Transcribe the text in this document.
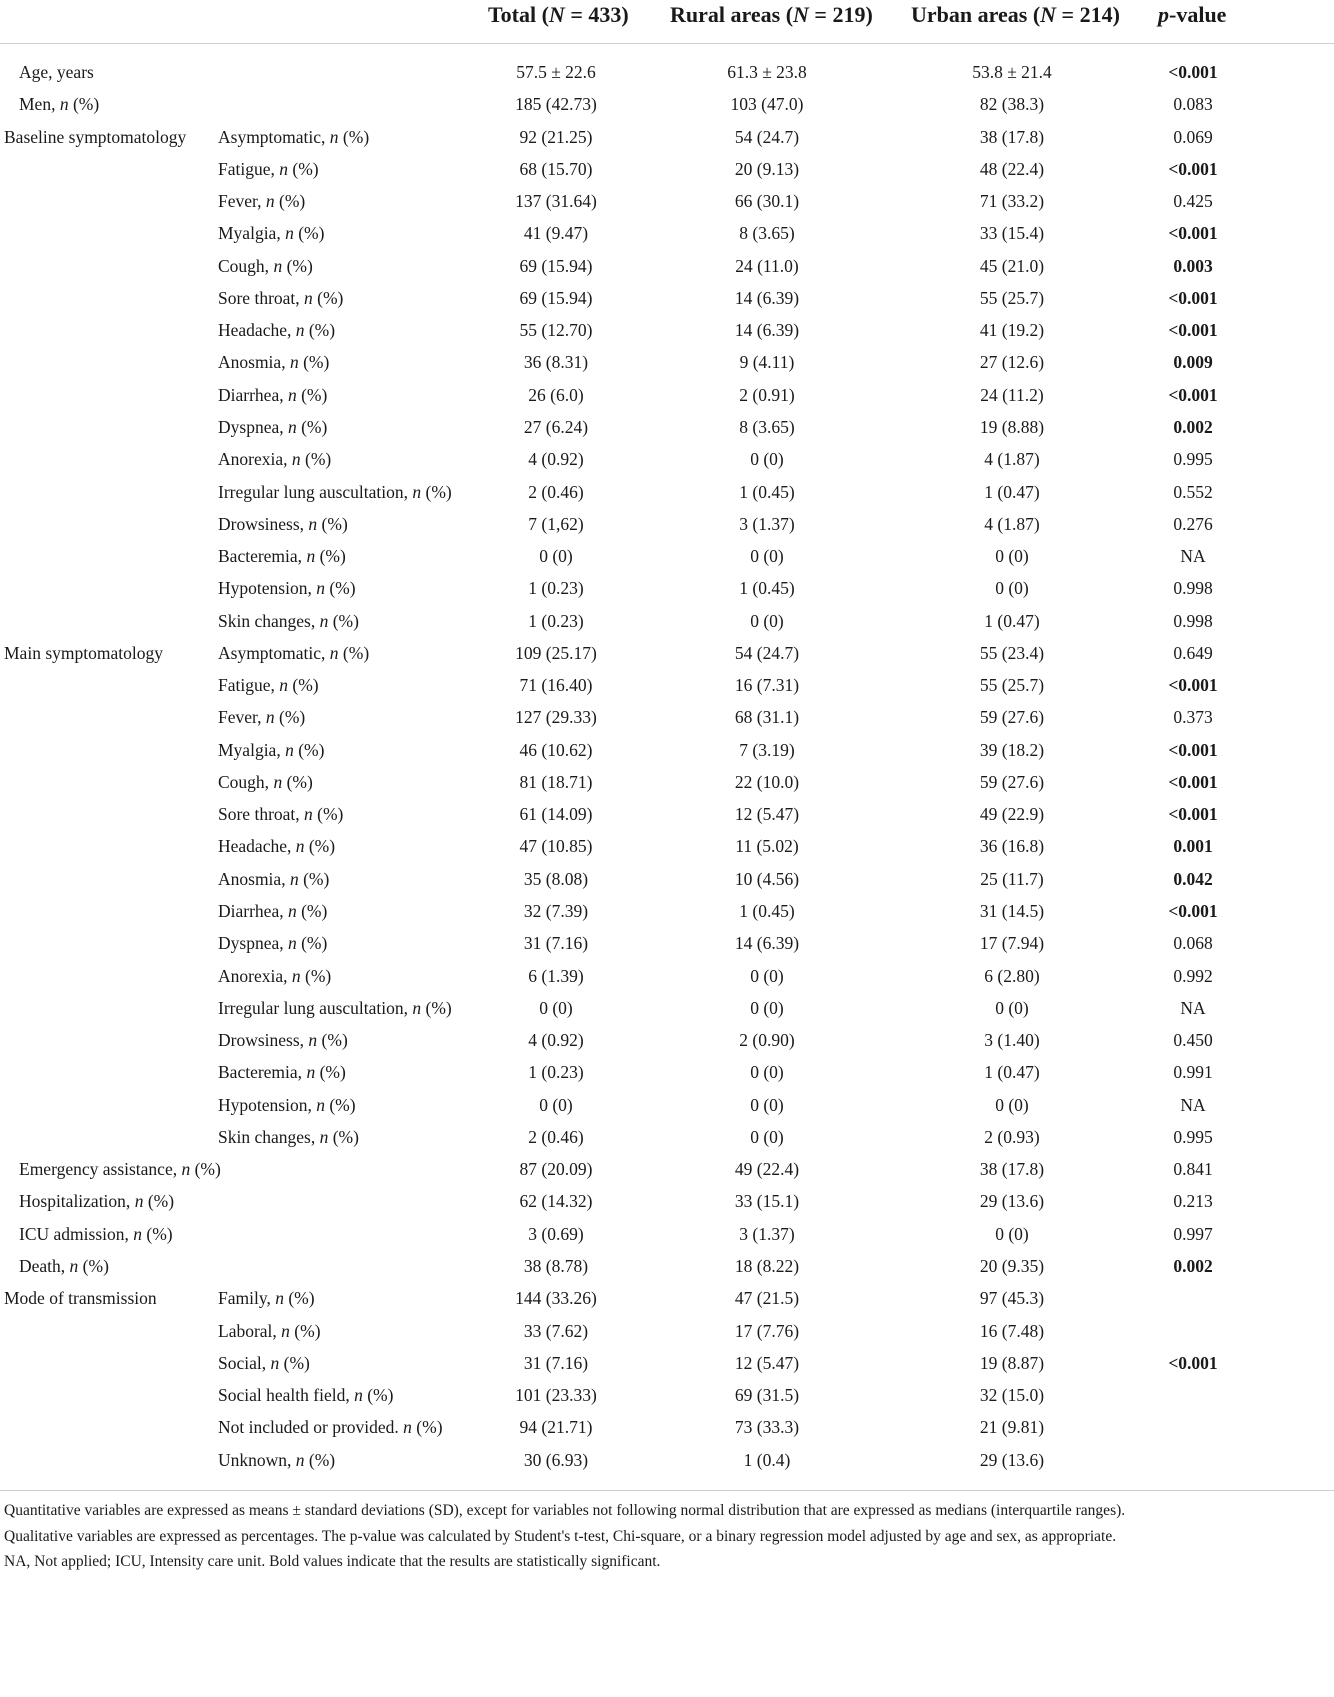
Total (N = 433) Rural areas (N = 219) Urban areas (N = 214) p-value
Age, years	57.5 ± 22.6	61.3 ± 23.8	53.8 ± 21.4	<0.001
Men, n (%)	185 (42.73)	103 (47.0)	82 (38.3)	0.083
Baseline symptomatology Asymptomatic, n (%)	92 (21.25)	54 (24.7)	38 (17.8)	0.069
Fatigue, n (%)	68 (15.70)	20 (9.13)	48 (22.4)	<0.001
Fever, n (%)	137 (31.64)	66 (30.1)	71 (33.2)	0.425
Myalgia, n (%)	41 (9.47)	8 (3.65)	33 (15.4)	<0.001
Cough, n (%)	69 (15.94)	24 (11.0)	45 (21.0)	0.003
Sore throat, n (%)	69 (15.94)	14 (6.39)	55 (25.7)	<0.001
Headache, n (%)	55 (12.70)	14 (6.39)	41 (19.2)	<0.001
Anosmia, n (%)	36 (8.31)	9 (4.11)	27 (12.6)	0.009
Diarrhea, n (%)	26 (6.0)	2 (0.91)	24 (11.2)	<0.001
Dyspnea, n (%)	27 (6.24)	8 (3.65)	19 (8.88)	0.002
Anorexia, n (%)	4 (0.92)	0 (0)	4 (1.87)	0.995
Irregular lung auscultation, n (%)	2 (0.46)	1 (0.45)	1 (0.47)	0.552
Drowsiness, n (%)	7 (1,62)	3 (1.37)	4 (1.87)	0.276
Bacteremia, n (%)	0 (0)	0 (0)	0 (0)	NA
Hypotension, n (%)	1 (0.23)	1 (0.45)	0 (0)	0.998
Skin changes, n (%)	1 (0.23)	0 (0)	1 (0.47)	0.998
Main symptomatology	Asymptomatic, n (%)	109 (25.17)	54 (24.7)	55 (23.4)	0.649
Fatigue, n (%)	71 (16.40)	16 (7.31)	55 (25.7)	<0.001
Fever, n (%)	127 (29.33)	68 (31.1)	59 (27.6)	0.373
Myalgia, n (%)	46 (10.62)	7 (3.19)	39 (18.2)	<0.001
Cough, n (%)	81 (18.71)	22 (10.0)	59 (27.6)	<0.001
Sore throat, n (%)	61 (14.09)	12 (5.47)	49 (22.9)	<0.001
Headache, n (%)	47 (10.85)	11 (5.02)	36 (16.8)	0.001
Anosmia, n (%)	35 (8.08)	10 (4.56)	25 (11.7)	0.042
Diarrhea, n (%)	32 (7.39)	1 (0.45)	31 (14.5)	<0.001
Dyspnea, n (%)	31 (7.16)	14 (6.39)	17 (7.94)	0.068
Anorexia, n (%)	6 (1.39)	0 (0)	6 (2.80)	0.992
Irregular lung auscultation, n (%)	0 (0)	0 (0)	0 (0)	NA
Drowsiness, n (%)	4 (0.92)	2 (0.90)	3 (1.40)	0.450
Bacteremia, n (%)	1 (0.23)	0 (0)	1 (0.47)	0.991
Hypotension, n (%)	0 (0)	0 (0)	0 (0)	NA
Skin changes, n (%)	2 (0.46)	0 (0)	2 (0.93)	0.995
Emergency assistance, n (%)	87 (20.09)	49 (22.4)	38 (17.8)	0.841
Hospitalization, n (%)	62 (14.32)	33 (15.1)	29 (13.6)	0.213
ICU admission, n (%)	3 (0.69)	3 (1.37)	0 (0)	0.997
Death, n (%)	38 (8.78)	18 (8.22)	20 (9.35)	0.002
Mode of transmission	Family, n (%)	144 (33.26)	47 (21.5)	97 (45.3)
Laboral, n (%)	33 (7.62)	17 (7.76)	16 (7.48)
Social, n (%)	31 (7.16)	12 (5.47)	19 (8.87)	<0.001
Social health field, n (%)	101 (23.33)	69 (31.5)	32 (15.0)
Not included or provided. n (%)	94 (21.71)	73 (33.3)	21 (9.81)
Unknown, n (%)	30 (6.93)	1 (0.4)	29 (13.6)

Quantitative variables are expressed as means ± standard deviations (SD), except for variables not following normal distribution that are expressed as medians (interquartile ranges).

Qualitative variables are expressed as percentages. The p-value was calculated by Student's t-test, Chi-square, or a binary regression model adjusted by age and sex, as appropriate.

NA, Not applied; ICU, Intensity care unit. Bold values indicate that the results are statistically significant.
